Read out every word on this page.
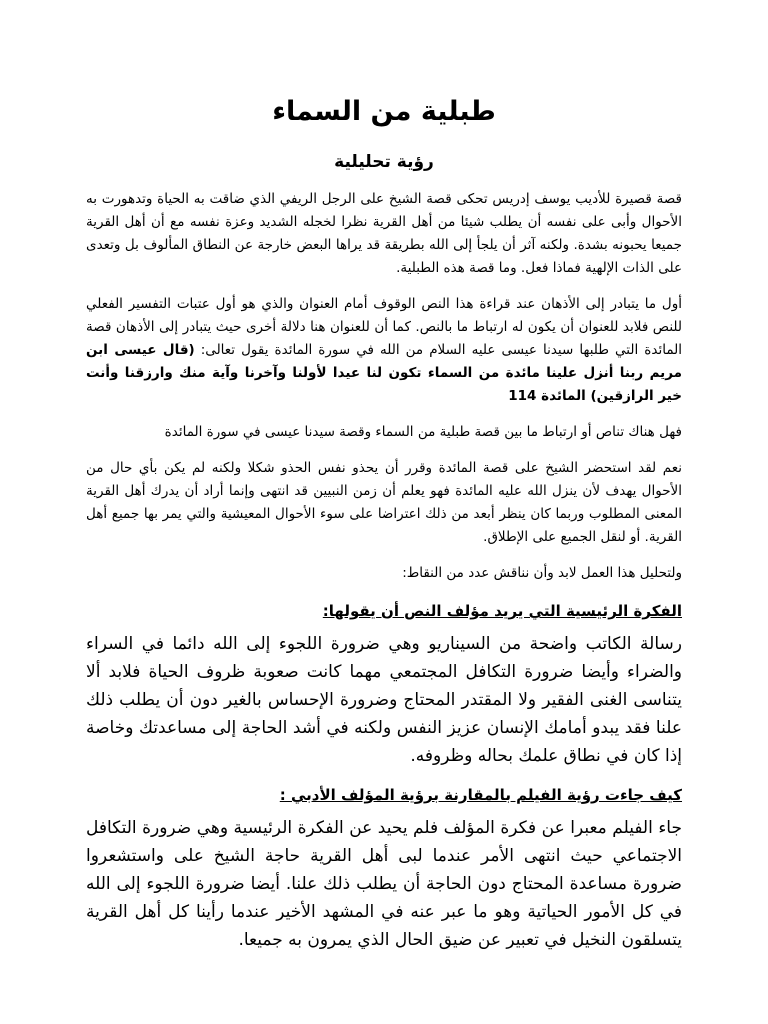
طبلية من السماء
رؤية تحليلية

قصة قصيرة للأديب يوسف إدريس تحكى قصة الشيخ على الرجل الريفي الذي ضاقت به الحياة وتدهورت به الأحوال وأبى على نفسه أن يطلب شيئا من أهل القرية نظرا لخجله الشديد وعزة نفسه مع أن أهل القرية جميعا يحبونه بشدة. ولكنه آثر أن يلجأ إلى الله بطريقة قد يراها البعض خارجة عن النطاق المألوف بل وتعدى على الذات الإلهية فماذا فعل. وما قصة هذه الطبلية.

أول ما يتبادر إلى الأذهان عند قراءة هذا النص الوقوف أمام العنوان والذي هو أول عتبات التفسير الفعلي للنص فلابد للعنوان أن يكون له ارتباط ما بالنص. كما أن للعنوان هنا دلالة أخرى حيث يتبادر إلى الأذهان قصة المائدة التي طلبها سيدنا عيسى عليه السلام من الله في سورة المائدة يقول تعالى: (قال عيسى ابن مريم ربنا أنزل علينا مائدة من السماء تكون لنا عيدا لأولنا وآخرنا وآية منك وارزقنا وأنت خير الرازقين) المائدة 114

فهل هناك تناص أو ارتباط ما بين قصة طبلية من السماء وقصة سيدنا عيسى في سورة المائدة

نعم لقد استحضر الشيخ على قصة المائدة وقرر أن يحذو نفس الحذو شكلا ولكنه لم يكن بأي حال من الأحوال يهدف لأن ينزل الله عليه المائدة فهو يعلم أن زمن النبيين قد انتهى وإنما أراد أن يدرك أهل القرية المعنى المطلوب وربما كان ينظر أبعد من ذلك اعتراضا على سوء الأحوال المعيشية والتي يمر بها جميع أهل القرية. أو لنقل الجميع على الإطلاق.

ولتحليل هذا العمل لابد وأن نناقش عدد من النقاط:

الفكرة الرئيسية التي يريد مؤلف النص أن يقولها:

رسالة الكاتب واضحة من السيناريو وهي ضرورة اللجوء إلى الله دائما في السراء والضراء وأيضا ضرورة التكافل المجتمعي مهما كانت صعوبة ظروف الحياة فلابد ألا يتناسى الغنى الفقير ولا المقتدر المحتاج وضرورة الإحساس بالغير دون أن يطلب ذلك علنا فقد يبدو أمامك الإنسان عزيز النفس ولكنه في أشد الحاجة إلى مساعدتك وخاصة إذا كان في نطاق علمك بحاله وظروفه.

كيف جاءت رؤية الفيلم بالمقارنة برؤية المؤلف الأدبي :

جاء الفيلم معبرا عن فكرة المؤلف فلم يحيد عن الفكرة الرئيسية وهي ضرورة التكافل الاجتماعي حيث انتهى الأمر عندما لبى أهل القرية حاجة الشيخ على واستشعروا ضرورة مساعدة المحتاج دون الحاجة أن يطلب ذلك علنا. أيضا ضرورة اللجوء إلى الله في كل الأمور الحياتية وهو ما عبر عنه في المشهد الأخير عندما رأينا كل أهل القرية يتسلقون النخيل في تعبير عن ضيق الحال الذي يمرون به جميعا.
